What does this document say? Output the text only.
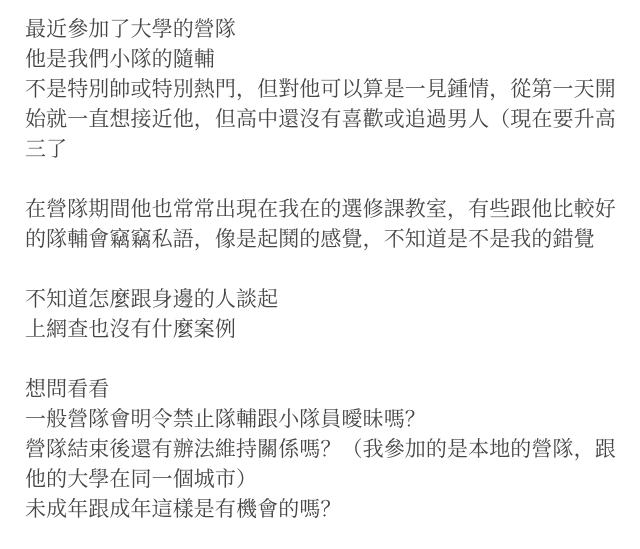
最近參加了大學的營隊
他是我們小隊的隨輔
不是特別帥或特別熱門，但對他可以算是一見鍾情，從第一天開
始就一直想接近他，但高中還沒有喜歡或追過男人（現在要升高
三了
在營隊期間他也常常出現在我在的選修課教室，有些跟他比較好
的隊輔會竊竊私語，像是起鬨的感覺，不知道是不是我的錯覺
不知道怎麼跟身邊的人談起
上網查也沒有什麼案例
想問看看
一般營隊會明令禁止隊輔跟小隊員曖昧嗎？
營隊結束後還有辦法維持關係嗎？（我參加的是本地的營隊，跟
他的大學在同一個城市）
未成年跟成年這樣是有機會的嗎？
